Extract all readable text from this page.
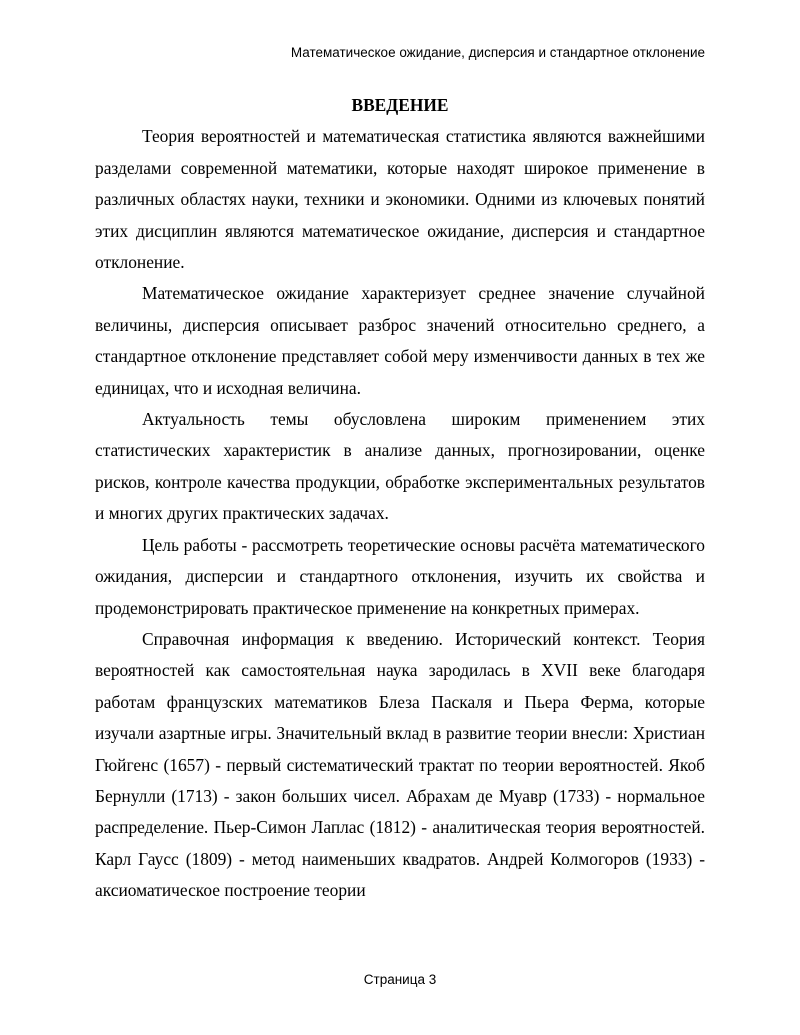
Математическое ожидание, дисперсия и стандартное отклонение

ВВЕДЕНИЕ

Теория вероятностей и математическая статистика являются важнейшими разделами современной математики, которые находят широкое применение в различных областях науки, техники и экономики. Одними из ключевых понятий этих дисциплин являются математическое ожидание, дисперсия и стандартное отклонение.

Математическое ожидание характеризует среднее значение случайной величины, дисперсия описывает разброс значений относительно среднего, а стандартное отклонение представляет собой меру изменчивости данных в тех же единицах, что и исходная величина.

Актуальность темы обусловлена широким применением этих статистических характеристик в анализе данных, прогнозировании, оценке рисков, контроле качества продукции, обработке экспериментальных результатов и многих других практических задачах.

Цель работы - рассмотреть теоретические основы расчёта математического ожидания, дисперсии и стандартного отклонения, изучить их свойства и продемонстрировать практическое применение на конкретных примерах.

Справочная информация к введению. Исторический контекст. Теория вероятностей как самостоятельная наука зародилась в XVII веке благодаря работам французских математиков Блеза Паскаля и Пьера Ферма, которые изучали азартные игры. Значительный вклад в развитие теории внесли: Христиан Гюйгенс (1657) - первый систематический трактат по теории вероятностей. Якоб Бернулли (1713) - закон больших чисел. Абрахам де Муавр (1733) - нормальное распределение. Пьер-Симон Лаплас (1812) - аналитическая теория вероятностей. Карл Гаусс (1809) - метод наименьших квадратов. Андрей Колмогоров (1933) - аксиоматическое построение теории

Страница 3
